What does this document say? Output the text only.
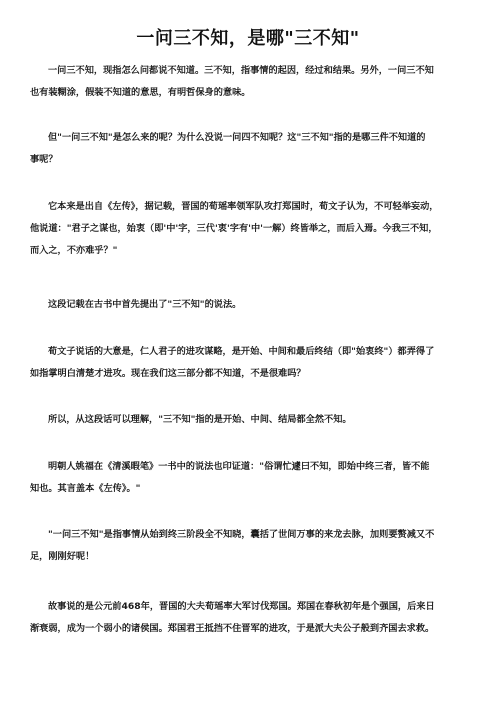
一问三不知，是哪"三不知"

一问三不知，现指怎么问都说不知道。三不知，指事情的起因，经过和结果。另外，一问三不知
也有装糊涂，假装不知道的意思，有明哲保身的意味。

但"一问三不知"是怎么来的呢？为什么没说一问四不知呢？这"三不知"指的是哪三件不知道的
事呢？

它本来是出自《左传》，据记载，晋国的荀瑶率领军队攻打郑国时，荀文子认为，不可轻举妄动，
他说道："君子之谋也，始衷（即'中'字，三代'衷'字有'中'一解）终皆举之，而后入焉。今我三不知，
而入之，不亦难乎？"

这段记载在古书中首先提出了"三不知"的说法。

荀文子说话的大意是，仁人君子的进攻谋略，是开始、中间和最后终结（即"始衷终"）都弄得了
如指掌明白清楚才进攻。现在我们这三部分都不知道，不是很难吗？

所以，从这段话可以理解，"三不知"指的是开始、中间、结局都全然不知。

明朝人姚福在《清溪暇笔》一书中的说法也印证道："俗谓忙遽曰不知，即始中终三者，皆不能
知也。其言盖本《左传》。"

"一问三不知"是指事情从始到终三阶段全不知晓，囊括了世间万事的来龙去脉，加则要赘减又不
足，刚刚好呢！

故事说的是公元前468年，晋国的大夫荀瑶率大军讨伐郑国。郑国在春秋初年是个强国，后来日
渐衰弱，成为一个弱小的诸侯国。郑国君王抵挡不住晋军的进攻，于是派大夫公子般到齐国去求救。
